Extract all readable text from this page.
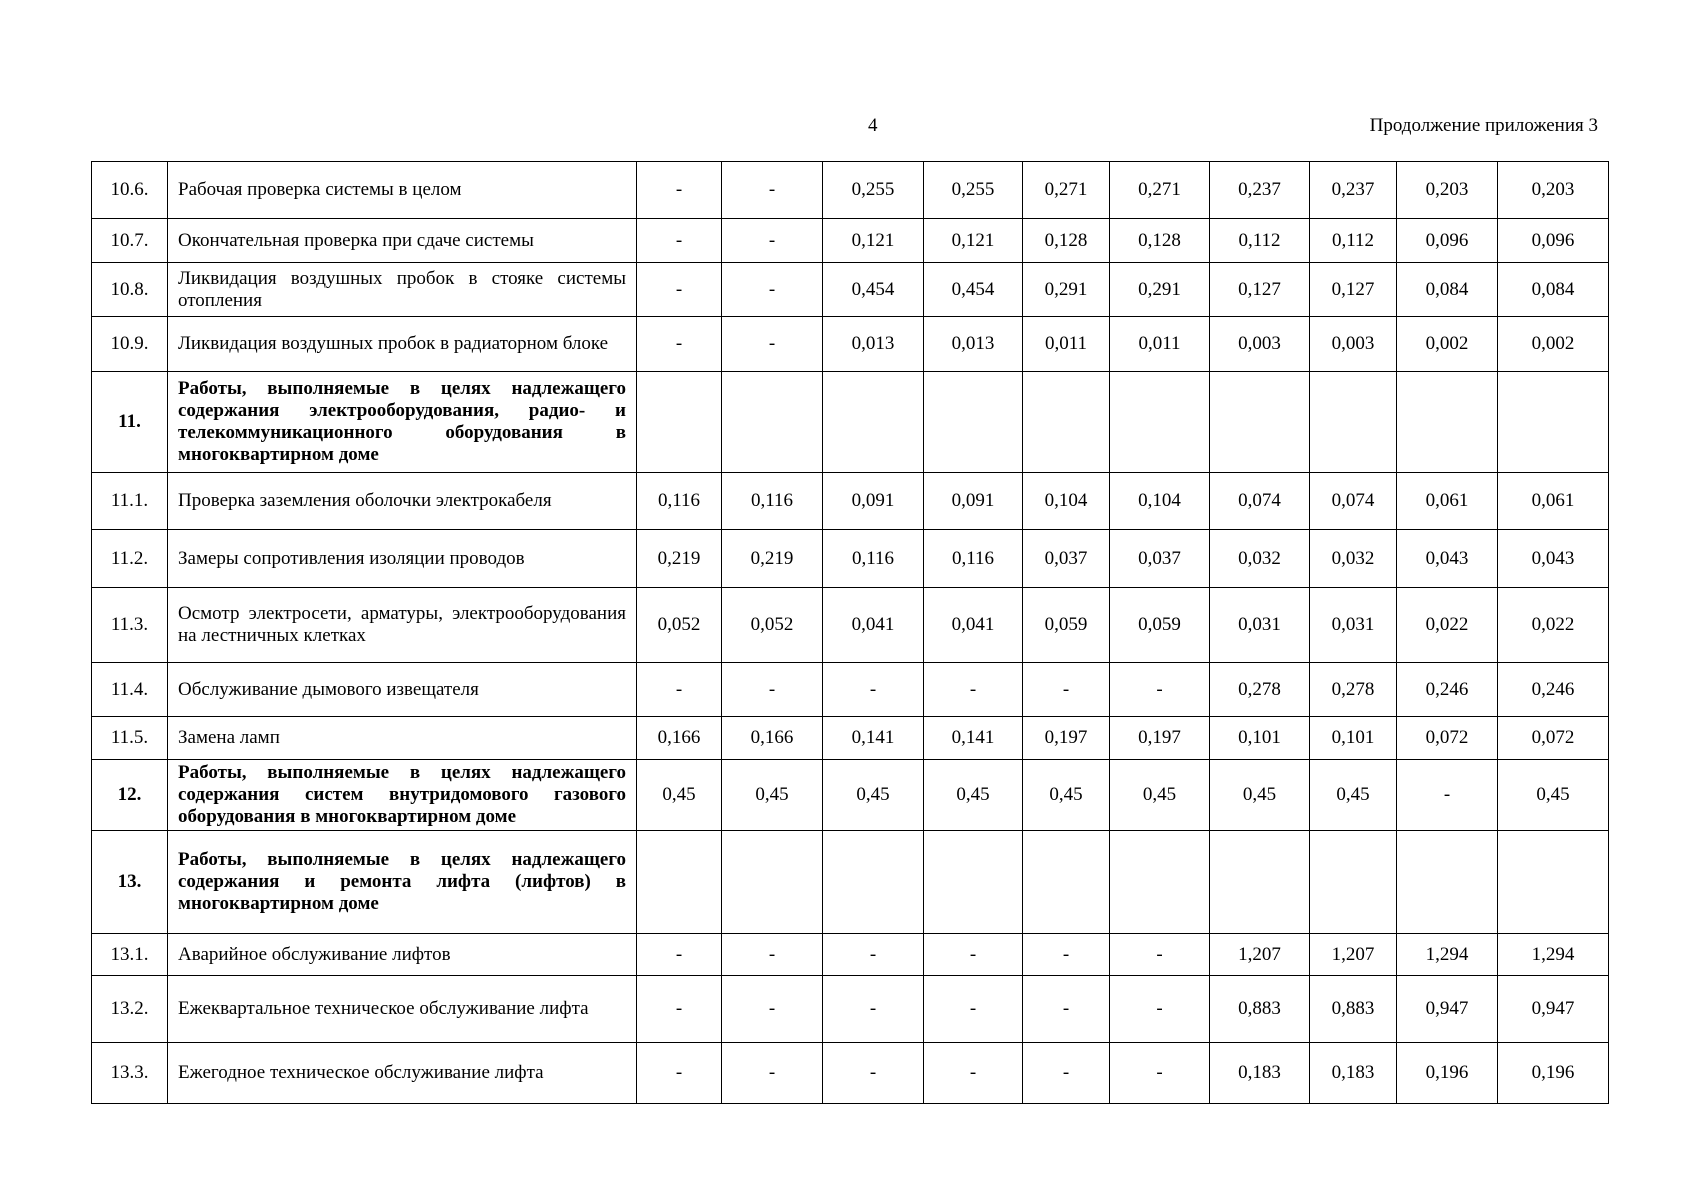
4	Продолжение приложения 3
10.6.	Рабочая проверка системы в целом	-	-	0,255	0,255	0,271	0,271	0,237	0,237	0,203	0,203
10.7.	Окончательная проверка при сдаче системы	-	-	0,121	0,121	0,128	0,128	0,112	0,112	0,096	0,096
10.8.	Ликвидация воздушных пробок в стояке системы отопления	-	-	0,454	0,454	0,291	0,291	0,127	0,127	0,084	0,084
10.9.	Ликвидация воздушных пробок в радиаторном блоке	-	-	0,013	0,013	0,011	0,011	0,003	0,003	0,002	0,002
11.	Работы, выполняемые в целях надлежащего содержания электрооборудования, радио- и телекоммуникационного оборудования в многоквартирном доме										
11.1.	Проверка заземления оболочки электрокабеля	0,116	0,116	0,091	0,091	0,104	0,104	0,074	0,074	0,061	0,061
11.2.	Замеры сопротивления изоляции проводов	0,219	0,219	0,116	0,116	0,037	0,037	0,032	0,032	0,043	0,043
11.3.	Осмотр электросети, арматуры, электрооборудования на лестничных клетках	0,052	0,052	0,041	0,041	0,059	0,059	0,031	0,031	0,022	0,022
11.4.	Обслуживание дымового извещателя	-	-	-	-	-	-	0,278	0,278	0,246	0,246
11.5.	Замена ламп	0,166	0,166	0,141	0,141	0,197	0,197	0,101	0,101	0,072	0,072
12.	Работы, выполняемые в целях надлежащего содержания систем внутридомового газового оборудования в многоквартирном доме	0,45	0,45	0,45	0,45	0,45	0,45	0,45	0,45	-	0,45
13.	Работы, выполняемые в целях надлежащего содержания и ремонта лифта (лифтов) в многоквартирном доме										
13.1.	Аварийное обслуживание лифтов	-	-	-	-	-	-	1,207	1,207	1,294	1,294
13.2.	Ежеквартальное техническое обслуживание лифта	-	-	-	-	-	-	0,883	0,883	0,947	0,947
13.3.	Ежегодное техническое обслуживание лифта	-	-	-	-	-	-	0,183	0,183	0,196	0,196
